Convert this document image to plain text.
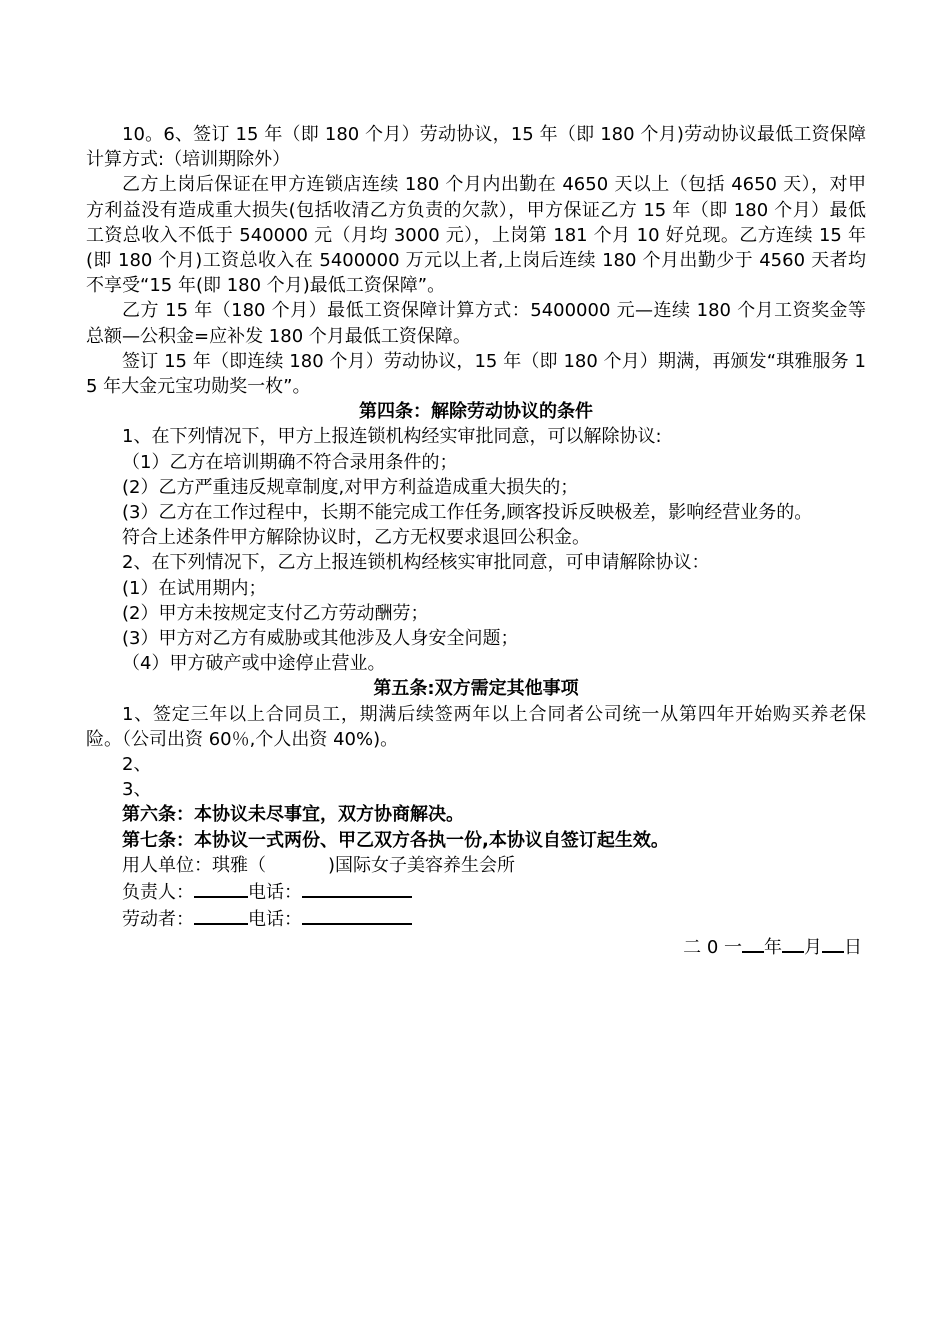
10。6、签订 15 年（即 180 个月）劳动协议，15 年（即 180 个月)劳动协议最低工资保障计算方式:（培训期除外）

乙方上岗后保证在甲方连锁店连续 180 个月内出勤在 4650 天以上（包括 4650 天），对甲方利益没有造成重大损失(包括收清乙方负责的欠款），甲方保证乙方 15 年（即 180 个月）最低工资总收入不低于 540000 元（月均 3000 元），上岗第 181 个月 10 好兑现。乙方连续 15 年(即 180 个月)工资总收入在 5400000 万元以上者,上岗后连续 180 个月出勤少于 4560 天者均不享受“15 年(即 180 个月)最低工资保障”。

乙方 15 年（180 个月）最低工资保障计算方式：5400000 元—连续 180 个月工资奖金等总额—公积金=应补发 180 个月最低工资保障。

签订 15 年（即连续 180 个月）劳动协议，15 年（即 180 个月）期满，再颁发“琪雅服务 15 年大金元宝功勋奖一枚”。

第四条：解除劳动协议的条件

1、在下列情况下，甲方上报连锁机构经实审批同意，可以解除协议:

（1）乙方在培训期确不符合录用条件的；

(2）乙方严重违反规章制度,对甲方利益造成重大损失的；

(3）乙方在工作过程中，长期不能完成工作任务,顾客投诉反映极差，影响经营业务的。

符合上述条件甲方解除协议时，乙方无权要求退回公积金。

2、在下列情况下，乙方上报连锁机构经核实审批同意，可申请解除协议：

(1）在试用期内；

(2）甲方未按规定支付乙方劳动酬劳；

(3）甲方对乙方有威胁或其他涉及人身安全问题；

（4）甲方破产或中途停止营业。

第五条:双方需定其他事项

1、签定三年以上合同员工，期满后续签两年以上合同者公司统一从第四年开始购买养老保险。（公司出资 60％,个人出资 40%)。

2、

3、

第六条：本协议未尽事宜，双方协商解决。

第七条：本协议一式两份、甲乙双方各执一份,本协议自签订起生效。

用人单位：琪雅（	)国际女子美容养生会所

负责人：	电话：

劳动者：	电话：

二 0 一 年 月 日
